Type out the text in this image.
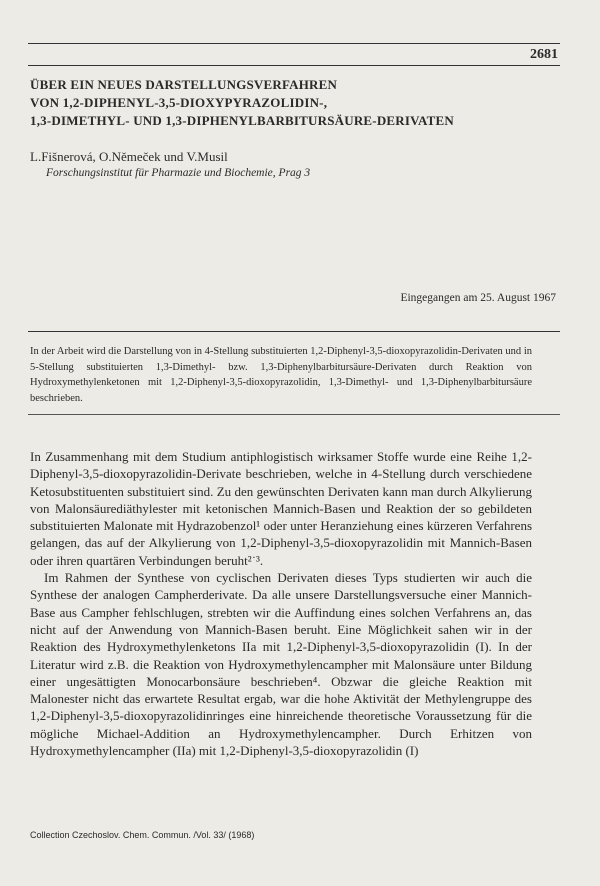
2681
ÜBER EIN NEUES DARSTELLUNGSVERFAHREN
VON 1,2-DIPHENYL-3,5-DIOXYPYRAZOLIDIN-,
1,3-DIMETHYL- UND 1,3-DIPHENYLBARBITURSÄURE-DERIVATEN
L.Fišnerová, O.Němeček und V.Musil
Forschungsinstitut für Pharmazie und Biochemie, Prag 3
Eingegangen am 25. August 1967
In der Arbeit wird die Darstellung von in 4-Stellung substituierten 1,2-Diphenyl-3,5-dioxopyrazolidin-Derivaten und in 5-Stellung substituierten 1,3-Dimethyl- bzw. 1,3-Diphenylbarbitursäure-Derivaten durch Reaktion von Hydroxymethylenketonen mit 1,2-Diphenyl-3,5-dioxopyrazolidin, 1,3-Dimethyl- und 1,3-Diphenylbarbitursäure beschrieben.

In Zusammenhang mit dem Studium antiphlogistisch wirksamer Stoffe wurde eine Reihe 1,2-Diphenyl-3,5-dioxopyrazolidin-Derivate beschrieben, welche in 4-Stellung durch verschiedene Ketosubstituenten substituiert sind. Zu den gewünschten Derivaten kann man durch Alkylierung von Malonsäurediäthylester mit ketonischen Mannich-Basen und Reaktion der so gebildeten substituierten Malonate mit Hydrazobenzol¹ oder unter Heranziehung eines kürzeren Verfahrens gelangen, das auf der Alkylierung von 1,2-Diphenyl-3,5-dioxopyrazolidin mit Mannich-Basen oder ihren quartären Verbindungen beruht²˙³.

Im Rahmen der Synthese von cyclischen Derivaten dieses Typs studierten wir auch die Synthese der analogen Campherderivate. Da alle unsere Darstellungsversuche einer Mannich-Base aus Campher fehlschlugen, strebten wir die Auffindung eines solchen Verfahrens an, das nicht auf der Anwendung von Mannich-Basen beruht. Eine Möglichkeit sahen wir in der Reaktion des Hydroxymethylenketons IIa mit 1,2-Diphenyl-3,5-dioxopyrazolidin (I). In der Literatur wird z.B. die Reaktion von Hydroxymethylencampher mit Malonsäure unter Bildung einer ungesättigten Monocarbonsäure beschrieben⁴. Obzwar die gleiche Reaktion mit Malonester nicht das erwartete Resultat ergab, war die hohe Aktivität der Methylengruppe des 1,2-Diphenyl-3,5-dioxopyrazolidinringes eine hinreichende theoretische Voraussetzung für die mögliche Michael-Addition an Hydroxymethylencampher. Durch Erhitzen von Hydroxymethylencampher (IIa) mit 1,2-Diphenyl-3,5-dioxopyrazolidin (I)

Collection Czechoslov. Chem. Commun. /Vol. 33/ (1968)
